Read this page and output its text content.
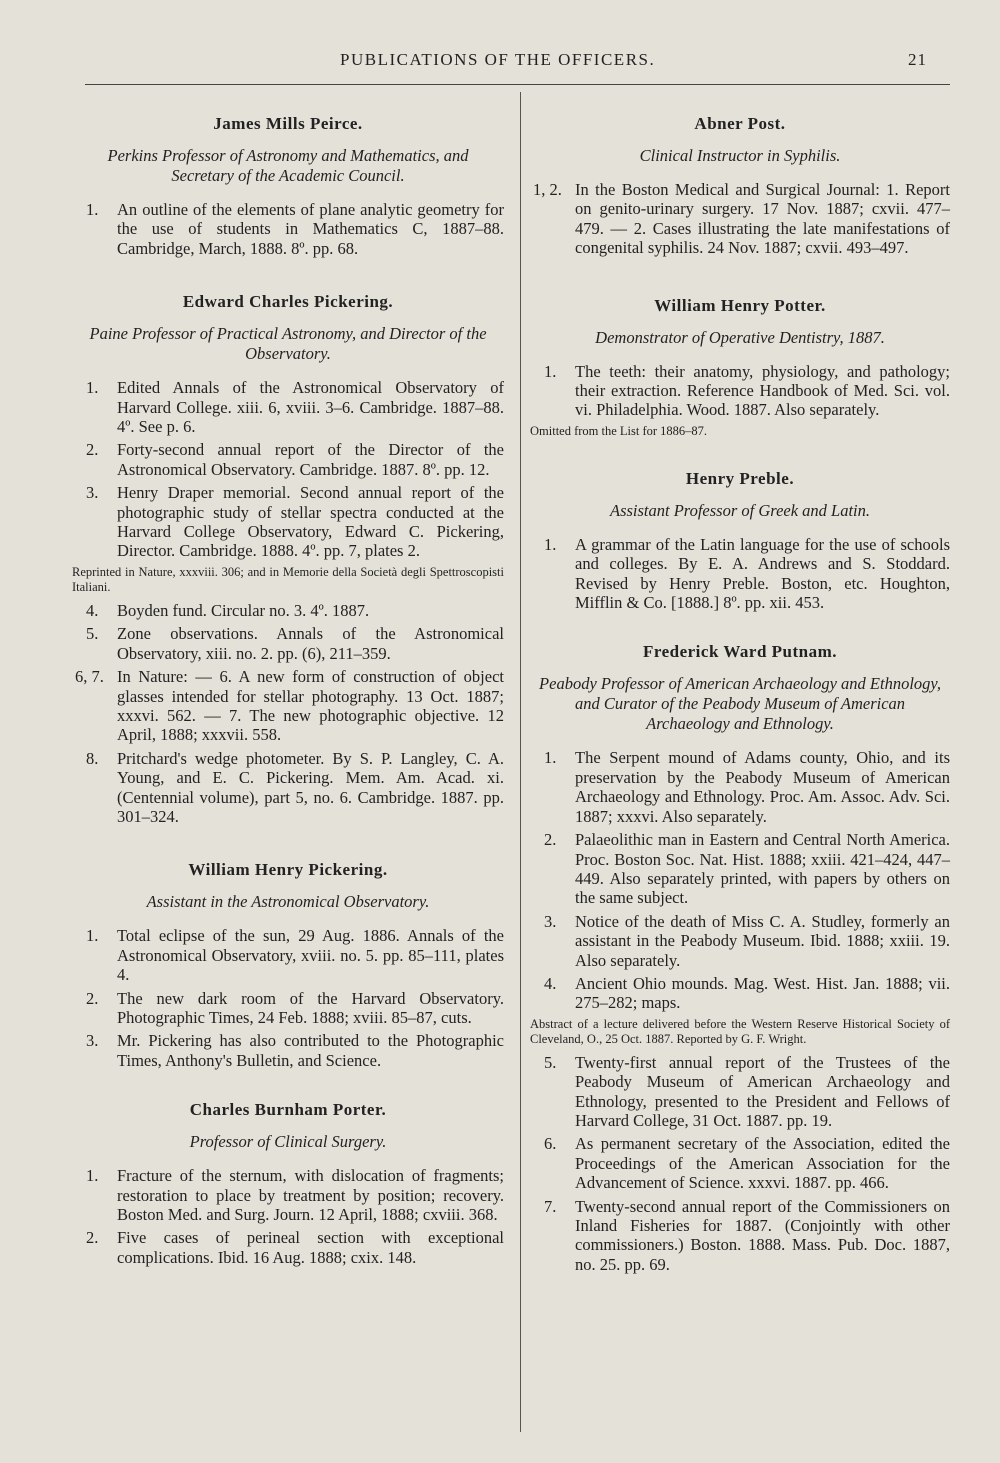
PUBLICATIONS OF THE OFFICERS.	21
James Mills Peirce.
Perkins Professor of Astronomy and Mathematics, and Secretary of the Academic Council.
1. An outline of the elements of plane analytic geometry for the use of students in Mathematics C, 1887–88. Cambridge, March, 1888. 8º. pp. 68.
Edward Charles Pickering.
Paine Professor of Practical Astronomy, and Director of the Observatory.
1. Edited Annals of the Astronomical Observatory of Harvard College. xiii. 6, xviii. 3–6. Cambridge. 1887–88. 4º. See p. 6.
2. Forty-second annual report of the Director of the Astronomical Observatory. Cambridge. 1887. 8º. pp. 12.
3. Henry Draper memorial. Second annual report of the photographic study of stellar spectra conducted at the Harvard College Observatory, Edward C. Pickering, Director. Cambridge. 1888. 4º. pp. 7, plates 2.
Reprinted in Nature, xxxviii. 306; and in Memorie della Società degli Spettroscopisti Italiani.
4. Boyden fund. Circular no. 3. 4º. 1887.
5. Zone observations. Annals of the Astronomical Observatory, xiii. no. 2. pp. (6), 211–359.
6, 7. In Nature: — 6. A new form of construction of object glasses intended for stellar photography. 13 Oct. 1887; xxxvi. 562. — 7. The new photographic objective. 12 April, 1888; xxxvii. 558.
8. Pritchard's wedge photometer. By S. P. Langley, C. A. Young, and E. C. Pickering. Mem. Am. Acad. xi. (Centennial volume), part 5, no. 6. Cambridge. 1887. pp. 301–324.
William Henry Pickering.
Assistant in the Astronomical Observatory.
1. Total eclipse of the sun, 29 Aug. 1886. Annals of the Astronomical Observatory, xviii. no. 5. pp. 85–111, plates 4.
2. The new dark room of the Harvard Observatory. Photographic Times, 24 Feb. 1888; xviii. 85–87, cuts.
3. Mr. Pickering has also contributed to the Photographic Times, Anthony's Bulletin, and Science.
Charles Burnham Porter.
Professor of Clinical Surgery.
1. Fracture of the sternum, with dislocation of fragments; restoration to place by treatment by position; recovery. Boston Med. and Surg. Journ. 12 April, 1888; cxviii. 368.
2. Five cases of perineal section with exceptional complications. Ibid. 16 Aug. 1888; cxix. 148.
Abner Post.
Clinical Instructor in Syphilis.
1, 2. In the Boston Medical and Surgical Journal: 1. Report on genito-urinary surgery. 17 Nov. 1887; cxvii. 477–479. — 2. Cases illustrating the late manifestations of congenital syphilis. 24 Nov. 1887; cxvii. 493–497.
William Henry Potter.
Demonstrator of Operative Dentistry, 1887.
1. The teeth: their anatomy, physiology, and pathology; their extraction. Reference Handbook of Med. Sci. vol. vi. Philadelphia. Wood. 1887. Also separately.
Omitted from the List for 1886–87.
Henry Preble.
Assistant Professor of Greek and Latin.
1. A grammar of the Latin language for the use of schools and colleges. By E. A. Andrews and S. Stoddard. Revised by Henry Preble. Boston, etc. Houghton, Mifflin & Co. [1888.] 8º. pp. xii. 453.
Frederick Ward Putnam.
Peabody Professor of American Archaeology and Ethnology, and Curator of the Peabody Museum of American Archaeology and Ethnology.
1. The Serpent mound of Adams county, Ohio, and its preservation by the Peabody Museum of American Archaeology and Ethnology. Proc. Am. Assoc. Adv. Sci. 1887; xxxvi. Also separately.
2. Palaeolithic man in Eastern and Central North America. Proc. Boston Soc. Nat. Hist. 1888; xxiii. 421–424, 447–449. Also separately printed, with papers by others on the same subject.
3. Notice of the death of Miss C. A. Studley, formerly an assistant in the Peabody Museum. Ibid. 1888; xxiii. 19. Also separately.
4. Ancient Ohio mounds. Mag. West. Hist. Jan. 1888; vii. 275–282; maps.
Abstract of a lecture delivered before the Western Reserve Historical Society of Cleveland, O., 25 Oct. 1887. Reported by G. F. Wright.
5. Twenty-first annual report of the Trustees of the Peabody Museum of American Archaeology and Ethnology, presented to the President and Fellows of Harvard College, 31 Oct. 1887. pp. 19.
6. As permanent secretary of the Association, edited the Proceedings of the American Association for the Advancement of Science. xxxvi. 1887. pp. 466.
7. Twenty-second annual report of the Commissioners on Inland Fisheries for 1887. (Conjointly with other commissioners.) Boston. 1888. Mass. Pub. Doc. 1887, no. 25. pp. 69.
